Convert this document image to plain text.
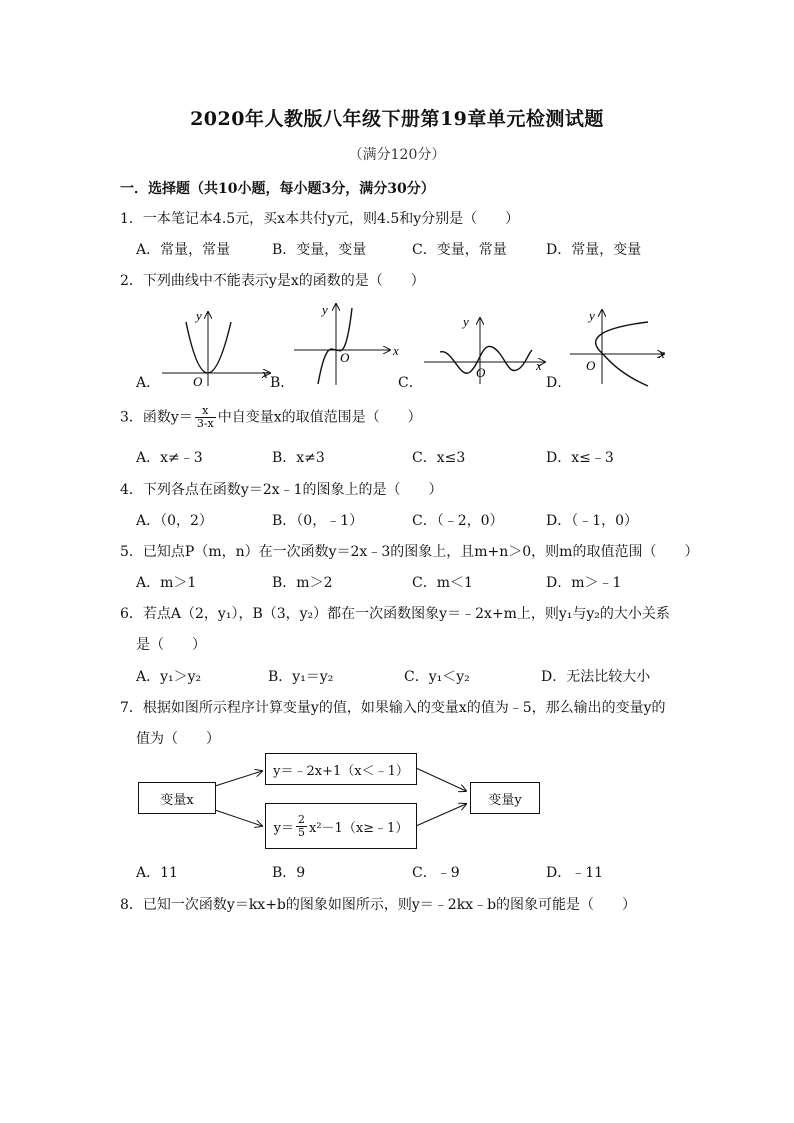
2020年人教版八年级下册第19章单元检测试题
（满分120分）
一．选择题（共10小题，每小题3分，满分30分）
1．一本笔记本4.5元，买x本共付y元，则4.5和y分别是（　　）
A．常量，常量	B．变量，变量	C．变量，常量	D．常量，变量
2．下列曲线中不能表示y是x的函数的是（　　）
A．	B．	C．	D．
x
y
O
x
y
O
x
y
O
x
y
O
3．函数$y= \frac{x}{3-x}$ 中自变量x的取值范围是（　　）
A．x≠﹣3	B．x≠3	C．x≤3	D．x≤﹣3
4．下列各点在函数y＝2x﹣1的图象上的是（　　）
A．（0，2）	B．（0，﹣1）	C．（﹣2，0）	D．（﹣1，0）
5．已知点P（m，n）在一次函数y＝2x﹣3的图象上，且m+n＞0，则m的取值范围（　　）
A．m＞1	B．m＞2	C．m＜1	D．m＞﹣1
6．若点A（2，y₁），B（3，y₂）都在一次函数图象y＝﹣2x+m上，则y₁与y₂的大小关系
是（　　）
A．y₁＞y₂	B．y₁＝y₂	C．y₁＜y₂	D．无法比较大小
7．根据如图所示程序计算变量y的值，如果输入的变量x的值为﹣5，那么输出的变量y的
值为（　　）
变量x
y＝﹣2x+1（x＜﹣1）
$y= \frac{2}{5}$ x²－1（x≥﹣1）
变量y
A．11	B．9	C．﹣9	D．﹣11
8．已知一次函数y＝kx+b的图象如图所示，则y＝﹣2kx﹣b的图象可能是（　　）
